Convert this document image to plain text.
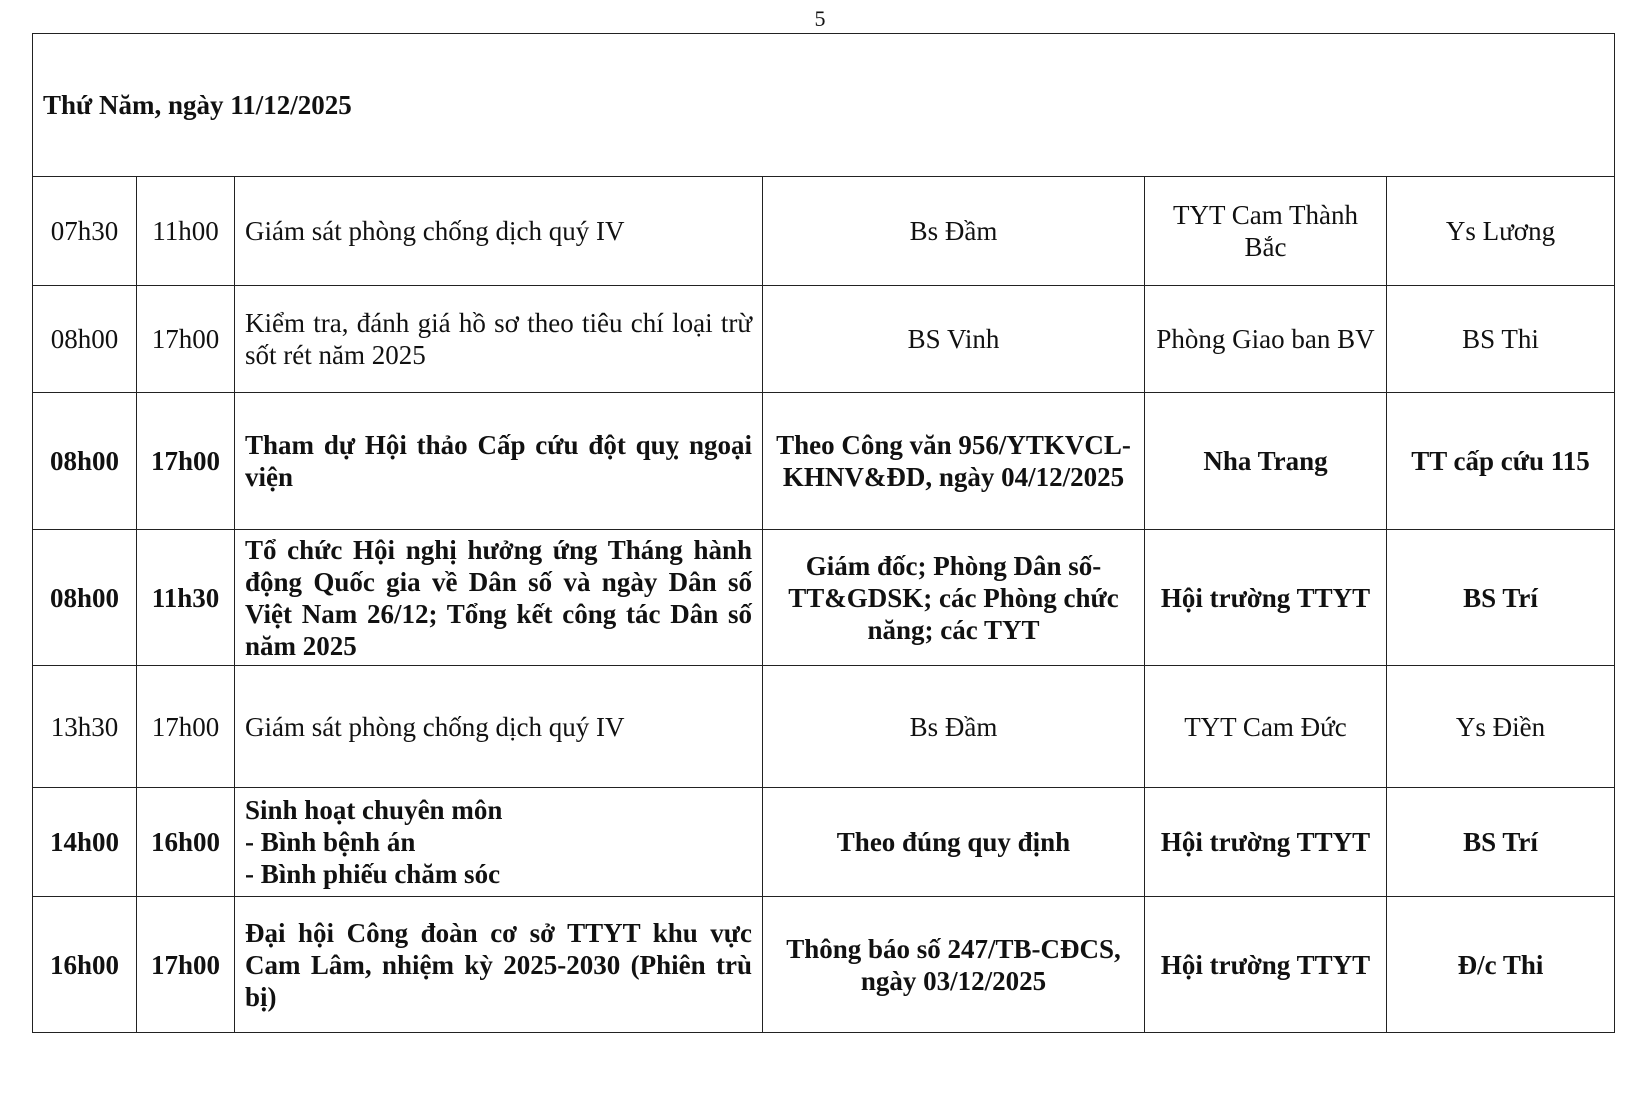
5
Thứ Năm, ngày 11/12/2025					
07h30	11h00	Giám sát phòng chống dịch quý IV	Bs Đầm	TYT Cam Thành Bắc	Ys Lương
08h00	17h00	Kiểm tra, đánh giá hồ sơ theo tiêu chí loại trừ sốt rét năm 2025	BS Vinh	Phòng Giao ban BV	BS Thi
08h00	17h00	Tham dự Hội thảo Cấp cứu đột quỵ ngoại viện	Theo Công văn 956/YTKVCL-KHNV&ĐD, ngày 04/12/2025	Nha Trang	TT cấp cứu 115
08h00	11h30	Tổ chức Hội nghị hưởng ứng Tháng hành động Quốc gia về Dân số và ngày Dân số Việt Nam 26/12; Tổng kết công tác Dân số năm 2025	Giám đốc; Phòng Dân số-TT&GDSK; các Phòng chức năng; các TYT	Hội trường TTYT	BS Trí
13h30	17h00	Giám sát phòng chống dịch quý IV	Bs Đầm	TYT Cam Đức	Ys Điền
14h00	16h00	Sinh hoạt chuyên môn
- Bình bệnh án
- Bình phiếu chăm sóc	Theo đúng quy định	Hội trường TTYT	BS Trí
16h00	17h00	Đại hội Công đoàn cơ sở TTYT khu vực Cam Lâm, nhiệm kỳ 2025-2030 (Phiên trù bị)	Thông báo số 247/TB-CĐCS, ngày 03/12/2025	Hội trường TTYT	Đ/c Thi
